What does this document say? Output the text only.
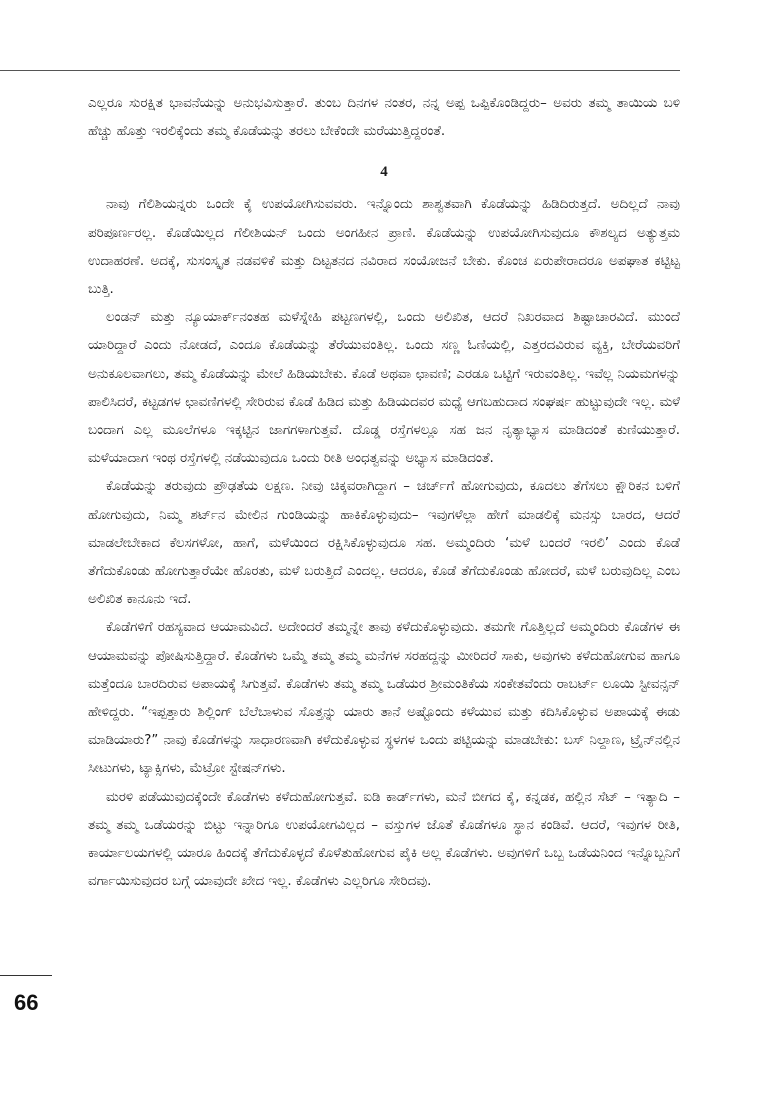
ಎಲ್ಲರೂ ಸುರಕ್ಷಿತ ಭಾವನೆಯನ್ನು ಅನುಭವಿಸುತ್ತಾರೆ. ತುಂಬ ದಿನಗಳ ನಂತರ, ನನ್ನ ಅಪ್ಪ ಒಪ್ಪಿಕೊಂಡಿದ್ದರು– ಅವರು ತಮ್ಮ ತಾಯಿಯ ಬಳಿ ಹೆಚ್ಚು ಹೊತ್ತು ಇರಲಿಕ್ಕೆಂದು ತಮ್ಮ ಕೊಡೆಯನ್ನು ತರಲು ಬೇಕೆಂದೇ ಮರೆಯುತ್ತಿದ್ದರಂತೆ.

4

ನಾವು ಗೆಲಿಶಿಯನ್ನರು ಒಂದೇ ಕೈ ಉಪಯೋಗಿಸುವವರು. ಇನ್ನೊಂದು ಶಾಶ್ವತವಾಗಿ ಕೊಡೆಯನ್ನು ಹಿಡಿದಿರುತ್ತದೆ. ಅದಿಲ್ಲದೆ ನಾವು ಪರಿಪೂರ್ಣರಲ್ಲ. ಕೊಡೆಯಿಲ್ಲದ ಗೆಲೀಶಿಯನ್ ಒಂದು ಅಂಗಹೀನ ಪ್ರಾಣಿ. ಕೊಡೆಯನ್ನು ಉಪಯೋಗಿಸುವುದೂ ಕೌಶಲ್ಯದ ಅತ್ಯುತ್ತಮ ಉದಾಹರಣೆ. ಅದಕ್ಕೆ, ಸುಸಂಸ್ಕೃತ ನಡವಳಿಕೆ ಮತ್ತು ದಿಟ್ಟತನದ ನವಿರಾದ ಸಂಯೋಜನೆ ಬೇಕು. ಕೊಂಚ ಏರುಪೇರಾದರೂ ಅಪಘಾತ ಕಟ್ಟಿಟ್ಟ ಬುತ್ತಿ.

ಲಂಡನ್ ಮತ್ತು ನ್ಯೂಯಾರ್ಕ್‌ನಂತಹ ಮಳೆಸ್ನೇಹಿ ಪಟ್ಟಣಗಳಲ್ಲಿ, ಒಂದು ಅಲಿಖಿತ, ಆದರೆ ನಿಖರವಾದ ಶಿಷ್ಟಾಚಾರವಿದೆ. ಮುಂದೆ ಯಾರಿದ್ದಾರೆ ಎಂದು ನೋಡದೆ, ಎಂದೂ ಕೊಡೆಯನ್ನು ತೆರೆಯುವಂತಿಲ್ಲ. ಒಂದು ಸಣ್ಣ ಓಣಿಯಲ್ಲಿ, ಎತ್ತರದವಿರುವ ವ್ಯಕ್ತಿ, ಬೇರೆಯವರಿಗೆ ಅನುಕೂಲವಾಗಲು, ತಮ್ಮ ಕೊಡೆಯನ್ನು ಮೇಲೆ ಹಿಡಿಯಬೇಕು. ಕೊಡೆ ಅಥವಾ ಛಾವಣಿ; ಎರಡೂ ಒಟ್ಟಿಗೆ ಇರುವಂತಿಲ್ಲ. ಇವೆಲ್ಲ ನಿಯಮಗಳನ್ನು ಪಾಲಿಸಿದರೆ, ಕಟ್ಟಡಗಳ ಛಾವಣಿಗಳಲ್ಲಿ ಸೇರಿರುವ ಕೊಡೆ ಹಿಡಿದ ಮತ್ತು ಹಿಡಿಯದವರ ಮಧ್ಯೆ ಆಗಬಹುದಾದ ಸಂಘರ್ಷ ಹುಟ್ಟುವುದೇ ಇಲ್ಲ. ಮಳೆ ಬಂದಾಗ ಎಲ್ಲ ಮೂಲೆಗಳೂ ಇಕ್ಕಟ್ಟಿನ ಜಾಗಗಳಾಗುತ್ತವೆ. ದೊಡ್ಡ ರಸ್ತೆಗಳಲ್ಲೂ ಸಹ ಜನ ನೃತ್ಯಾಭ್ಯಾಸ ಮಾಡಿದಂತೆ ಕುಣಿಯುತ್ತಾರೆ. ಮಳೆಯಾದಾಗ ಇಂಥ ರಸ್ತೆಗಳಲ್ಲಿ ನಡೆಯುವುದೂ ಒಂದು ರೀತಿ ಅಂಧತ್ವವನ್ನು ಅಭ್ಯಾಸ ಮಾಡಿದಂತೆ.

ಕೊಡೆಯನ್ನು ತರುವುದು ಪ್ರೌಢತೆಯ ಲಕ್ಷಣ. ನೀವು ಚಿಕ್ಕವರಾಗಿದ್ದಾಗ – ಚರ್ಚ್‌ಗೆ ಹೋಗುವುದು, ಕೂದಲು ತೆಗೆಸಲು ಕ್ಷೌರಿಕನ ಬಳಿಗೆ ಹೋಗುವುದು, ನಿಮ್ಮ ಶರ್ಟ್‌ನ ಮೇಲಿನ ಗುಂಡಿಯನ್ನು ಹಾಕಿಕೊಳ್ಳುವುದು– ಇವುಗಳೆಲ್ಲಾ ಹೇಗೆ ಮಾಡಲಿಕ್ಕೆ ಮನಸ್ಸು ಬಾರದ, ಆದರೆ ಮಾಡಲೇಬೇಕಾದ ಕೆಲಸಗಳೋ, ಹಾಗೆ, ಮಳೆಯಿಂದ ರಕ್ಷಿಸಿಕೊಳ್ಳುವುದೂ ಸಹ. ಅಮ್ಮಂದಿರು ‘ಮಳೆ ಬಂದರೆ ಇರಲಿ’ ಎಂದು ಕೊಡೆ ತೆಗೆದುಕೊಂಡು ಹೋಗುತ್ತಾರೆಯೇ ಹೊರತು, ಮಳೆ ಬರುತ್ತಿದೆ ಎಂದಲ್ಲ. ಆದರೂ, ಕೊಡೆ ತೆಗೆದುಕೊಂಡು ಹೋದರೆ, ಮಳೆ ಬರುವುದಿಲ್ಲ ಎಂಬ ಅಲಿಖಿತ ಕಾನೂನು ಇದೆ.

ಕೊಡೆಗಳಿಗೆ ರಹಸ್ಯವಾದ ಆಯಾಮವಿದೆ. ಅದೇಂದರೆ ತಮ್ಮನ್ನೇ ತಾವು ಕಳೆದುಕೊಳ್ಳುವುದು. ತಮಗೇ ಗೊತ್ತಿಲ್ಲದೆ ಅಮ್ಮಂದಿರು ಕೊಡೆಗಳ ಈ ಆಯಾಮವನ್ನು ಪೋಷಿಸುತ್ತಿದ್ದಾರೆ. ಕೊಡೆಗಳು ಒಮ್ಮೆ ತಮ್ಮ ತಮ್ಮ ಮನೆಗಳ ಸರಹದ್ದನ್ನು ಮೀರಿದರೆ ಸಾಕು, ಅವುಗಳು ಕಳೆದುಹೋಗುವ ಹಾಗೂ ಮತ್ತೆಂದೂ ಬಾರದಿರುವ ಅಪಾಯಕ್ಕೆ ಸಿಗುತ್ತವೆ. ಕೊಡೆಗಳು ತಮ್ಮ ತಮ್ಮ ಒಡೆಯರ ಶ್ರೀಮಂತಿಕೆಯ ಸಂಕೇತವೆಂದು ರಾಬರ್ಟ್ ಲೂಯಿ ಸ್ಟೀವನ್ಸನ್ ಹೇಳಿದ್ದರು. “ಇಪ್ಪತ್ತಾರು ಶಿಲ್ಲಿಂಗ್ ಬೆಲೆಬಾಳುವ ಸೊತ್ತನ್ನು ಯಾರು ತಾನೆ ಅಷ್ಟೊಂದು ಕಳೆಯುವ ಮತ್ತು ಕದಿಸಿಕೊಳ್ಳುವ ಅಪಾಯಕ್ಕೆ ಈಡು ಮಾಡಿಯಾರು?” ನಾವು ಕೊಡೆಗಳನ್ನು ಸಾಧಾರಣವಾಗಿ ಕಳೆದುಕೊಳ್ಳುವ ಸ್ಥಳಗಳ ಒಂದು ಪಟ್ಟಿಯನ್ನು ಮಾಡಬೇಕು: ಬಸ್ ನಿಲ್ದಾಣ, ಟ್ರೈನ್‌ನಲ್ಲಿನ ಸೀಟುಗಳು, ಟ್ಯಾಕ್ಸಿಗಳು, ಮೆಟ್ರೋ ಸ್ಟೇಷನ್‌ಗಳು.

ಮರಳಿ ಪಡೆಯುವುದಕ್ಕೆಂದೇ ಕೊಡೆಗಳು ಕಳೆದುಹೋಗುತ್ತವೆ. ಐಡಿ ಕಾರ್ಡ್‌ಗಳು, ಮನೆ ಬೀಗದ ಕೈ, ಕನ್ನಡಕ, ಹಲ್ಲಿನ ಸೆಟ್ – ಇತ್ಯಾದಿ – ತಮ್ಮ ತಮ್ಮ ಒಡೆಯರನ್ನು ಬಿಟ್ಟು ಇನ್ನಾರಿಗೂ ಉಪಯೋಗವಿಲ್ಲದ – ವಸ್ತುಗಳ ಜೊತೆ ಕೊಡೆಗಳೂ ಸ್ಥಾನ ಕಂಡಿವೆ. ಆದರೆ, ಇವುಗಳ ರೀತಿ, ಕಾರ್ಯಾಲಯಗಳಲ್ಲಿ ಯಾರೂ ಹಿಂದಕ್ಕೆ ತೆಗೆದುಕೊಳ್ಳದೆ ಕೊಳೆತುಹೋಗುವ ಪೈಕಿ ಅಲ್ಲ ಕೊಡೆಗಳು. ಅವುಗಳಿಗೆ ಒಬ್ಬ ಒಡೆಯನಿಂದ ಇನ್ನೊಬ್ಬನಿಗೆ ವರ್ಗಾಯಿಸುವುದರ ಬಗ್ಗೆ ಯಾವುದೇ ಖೇದ ಇಲ್ಲ. ಕೊಡೆಗಳು ಎಲ್ಲರಿಗೂ ಸೇರಿದವು.

66
